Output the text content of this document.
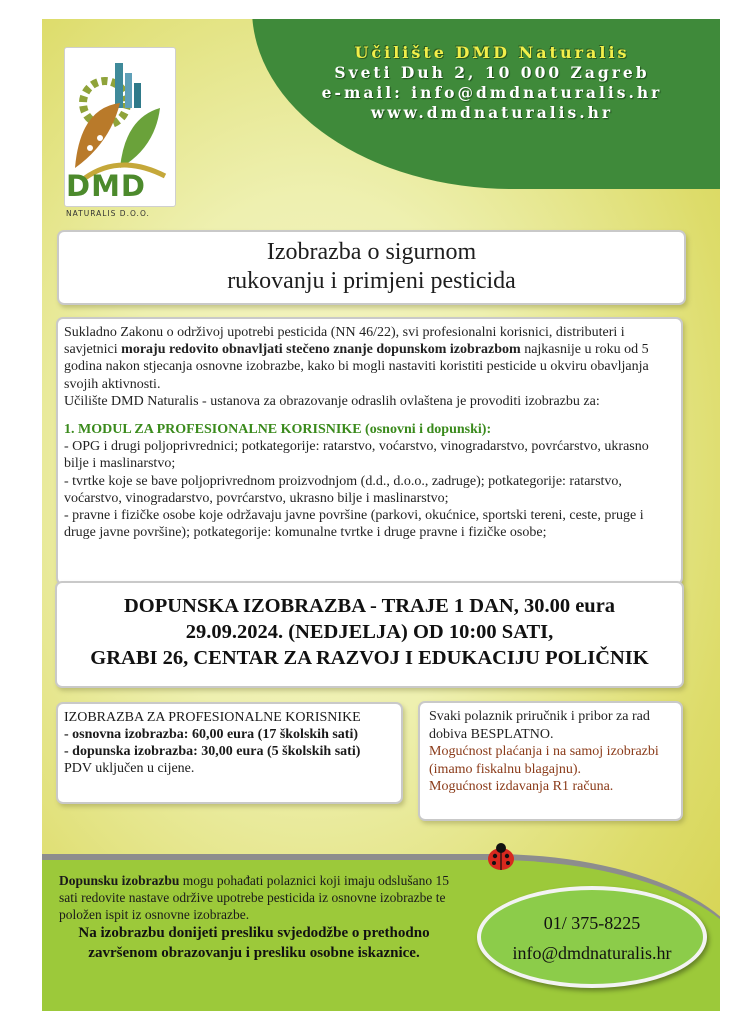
DMD
NATURALIS D.O.O.
Učilište DMD Naturalis
Sveti Duh 2, 10 000 Zagreb
e-mail: info@dmdnaturalis.hr
www.dmdnaturalis.hr
Izobrazba o sigurnom
rukovanju i primjeni pesticida

Sukladno Zakonu o održivoj upotrebi pesticida (NN 46/22), svi profesionalni korisnici, distributeri i savjetnici moraju redovito obnavljati stečeno znanje dopunskom izobrazbom najkasnije u roku od 5 godina nakon stjecanja osnovne izobrazbe, kako bi mogli nastaviti koristiti pesticide u okviru obavljanja svojih aktivnosti.

Učilište DMD Naturalis - ustanova za obrazovanje odraslih ovlaštena je provoditi izobrazbu za:

1. MODUL ZA PROFESIONALNE KORISNIKE (osnovni i dopunski):

- OPG i drugi poljoprivrednici; potkategorije: ratarstvo, voćarstvo, vinogradarstvo, povrćarstvo, ukrasno bilje i maslinarstvo;

- tvrtke koje se bave poljoprivrednom proizvodnjom (d.d., d.o.o., zadruge); potkategorije: ratarstvo, voćarstvo, vinogradarstvo, povrćarstvo, ukrasno bilje i maslinarstvo;

- pravne i fizičke osobe koje održavaju javne površine (parkovi, okućnice, sportski tereni, ceste, pruge i druge javne površine); potkategorije: komunalne tvrtke i druge pravne i fizičke osobe;

DOPUNSKA IZOBRAZBA - TRAJE 1 DAN, 30.00 eura
29.09.2024. (NEDJELJA) OD 10:00 SATI,
GRABI 26, CENTAR ZA RAZVOJ I EDUKACIJU POLIČNIK
IZOBRAZBA ZA PROFESIONALNE KORISNIKE
- osnovna izobrazba: 60,00 eura (17 školskih sati)
- dopunska izobrazba: 30,00 eura (5 školskih sati)
PDV uključen u cijene.
Svaki polaznik priručnik i pribor za rad dobiva BESPLATNO.
Mogućnost plaćanja i na samoj izobrazbi (imamo fiskalnu blagajnu).
Mogućnost izdavanja R1 računa.
Dopunsku izobrazbu mogu pohađati polaznici koji imaju odslušano 15 sati redovite nastave održive upotrebe pesticida iz osnovne izobrazbe te položen ispit iz osnovne izobrazbe.
Na izobrazbu donijeti presliku svjedodžbe o prethodno završenom obrazovanju i presliku osobne iskaznice.
01/ 375-8225
info@dmdnaturalis.hr
